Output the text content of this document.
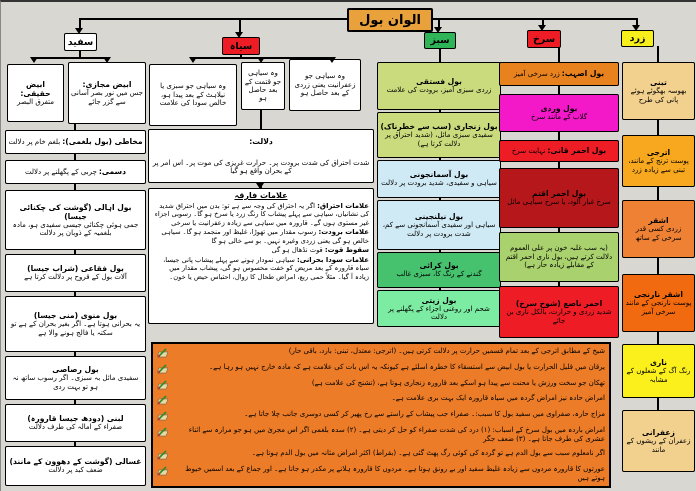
الوان بول
سفید	سیاہ	سبز	سرخ	زرد
ابیض حقیقی:
متفرق البصر
ابیض مجازی:
جس میں نور بصر آسانی سے گزر جائے
مخاطی (بول بلغمی):
بلغم خام پر دلالت
دسمی:
چربی کے پگھلنے پر دلالت
بول اہالی (گوشت کی چکنائی جیسا)
جمی ہوئی چکنائی جیسی سفیدی ہو، مادہ بلغمیہ کے ذوبان پر دلالت
بول فقاعی (شراب جیسا)
آلات بول کے قروح پر دلالت کرتا ہے
بول منوی (منی جیسا)
یہ بحرانی ہوتا ہے۔ اگر بغیر بحران کے ہے تو سکتہ یا فالج ہونے والا ہے
بول رصاصی
سفیدی مائل بہ سبزی۔ اگر رسوب ساتھ نہ ہو تو بہت ردی
لبنی (دودھ جیسا قارورہ)
صفراء کے امالہ کی طرف دلالت
غسالی (گوشت کے دھوون کے مانند)
ضعف کبد پر دلالت
وہ سیاہی جو سبزی یا نیلاہٹ کے بعد پیدا ہو، خالص سودا کی علامت
وہ سیاہی جو قتمت کے بعد حاصل ہو
وہ سیاہی جو زعفرانیت یعنی زردی کے بعد حاصل ہو
دلالت:
شدت احتراق کی شدت برودت پر۔ حرارت غریزی کی موت پر۔ اس امر پر کے بحران واقع ہو گیا
علامات فارقہ

علامات احتراق: اگر یہ احتراق کی وجہ سے ہے تو: بدن میں احتراق شدید کی نشانیاں، سیاہی سے پہلے پیشاب کا رنگ زرد یا سرخ ہو گا۔ رسوبی اجزاء غیر مستوی ہوں گے۔ قارورہ میں سیاہی سے زیادہ زعفرانیت یا سرخی

علامات برودت: رسوب مقدار میں تھوڑا، غلیظ اور منجمد ہو گا۔ سیاہی خالص ہو گی یعنی زردی وغیرہ نہیں۔ بو سے خالی ہو گا

سقوط قوت: قوت نڈھال ہو گی

علامات سودا بحرانی: سیاہی نمودار ہونے سے پہلے پیشاب پانی جیسا، سیاہ قارورہ کے بعد مریض کو خفت محسوس ہو گی، پیشاب مقدار میں زیادہ آ گیا۔ مثلاً حمی ربع، امراض طحال کا زوال، احتباس حیض یا خون۔

بول فستقی
زردی سبزی آمیز، برودت کی علامت
بول زنجاری (سب سے خطرناک)
سفیدی سبزی مائل، (شدید احتراق پر دلالت کرتا ہے)
بول آسمانجونی
سیاہی و سفیدی، شدید برودت پر دلالت
بول نیلنجینی
سیاہی اور سفیدی آسمانجونی سے کم، شدت برودت پر دلالت
بول کراثی
گندنے کے رنگ کا، سبزی غالب
بول زیتی
شحم اور روغنی اجزاء کے پگھلنے پر دلالت
بول اصہب:
زرد سرخی آمیز
بول وردی
گلاب کے مانند سرخ
بول احمر قانی:
نہایت سرخ
بول احمر اقتم
سرخ غبار آلود، یا سرخ سیاہی مائل
(یہ سب غلبہ خون پر علی العموم دلالت کرتے ہیں، بول ناری احمر اقتم کے مقابلے زیادہ حار ہے)
احمر ناصع (شوخ سرخ)
شدید زردی و حرارت، بالکل ناری بن جائے
تبنی
بھوسہ بھگوئے ہوئے پانی کی طرح
اترجی
پوست ترنج کے مانند، تبنی سے زیادہ زرد
اشقر
زردی کسی قدر سرخی کے ساتھ
اشقر نارنجی
پوست نارنجی کے مانند سرخی آمیز
ناری
رنگ آگ کے شعلوں کے مشابہ
زعفرانی
زعفران کے ریشوں کے مانند
شیخ کے مطابق اترجی کے بعد تمام قسمیں حرارت پر دلالت کرتی ہیں۔ (اترجی: معتدل، تبنی: بارد، باقی حار)
یرقان میں قلیل الحرارت یا بول ابیض سے استسقاء کا خطرہ اسلئے ہے کیونکہ یہ اس بات کی علامت ہے کہ مادہ خارج نہیں ہو رہا ہے۔
تھکان جو سخت ورزش یا محنت سے پیدا ہو اسکے بعد قارورہ زنجاری ہوتا ہے، (تشنج کی علامت ہے)
امراض حادہ نیز امراض گردہ میں سیاہ قارورہ ایک بہت بری علامت ہے۔
مزاج حارہ، صفراوی میں سفید بول کا سبب:۔ صفراء جب پیشاب کے راستے سے رخ پھیر کر کسی دوسری جانب چلا جاتا ہے۔
امراض باردہ میں بول سرخ کے اسباب: (۱) درد کی شدت صفراء کو حل کر دیتی ہے۔ (۲) سدہ بلغمی اگر اس مجریٰ میں ہو جو مرارہ سے اثناء عشری کی طرف جاتا ہے۔ (۳) ضعف جگر
اگر نامعلوم سبب سے بول الدم ہے تو گردہ کی کوئی رگ پھٹ گئی ہے۔ (بقراط) اکثر امراض مثانہ میں بول الدم ہوتا ہے۔
عورتوں کا قارورہ مردوں سے زیادہ غلیظ سفید اور بے رونق ہوتا ہے۔ مردوں کا قارورہ ہلانے پر مکدر ہو جاتا ہے۔ اور جماع کے بعد اسمیں خیوط ہوتے ہیں
